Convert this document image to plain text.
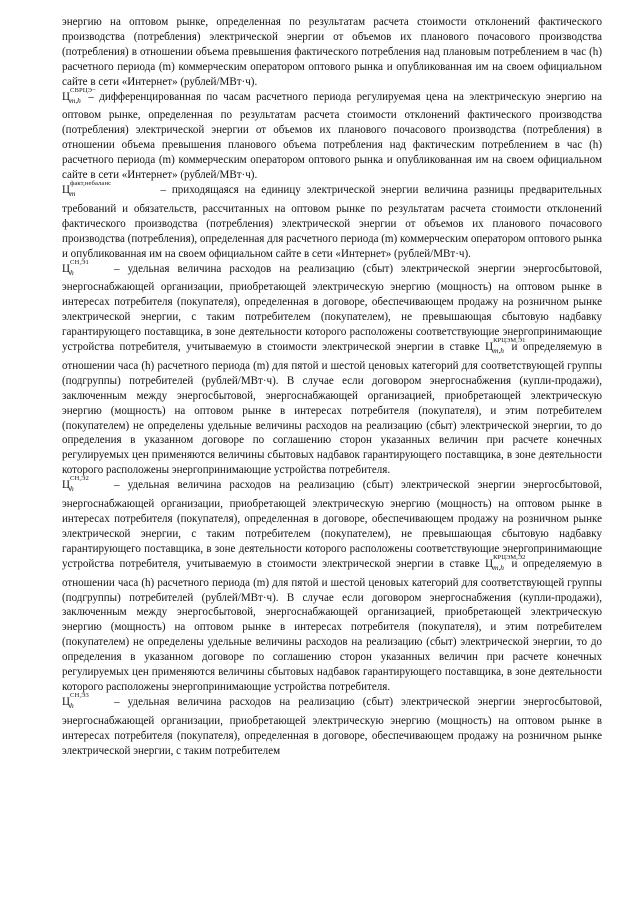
энергию на оптовом рынке, определенная по результатам расчета стоимости отклонений фактического производства (потребления) электрической энергии от объемов их планового почасового производства (потребления) в отношении объема превышения фактического потребления над плановым потреблением в час (h) расчетного периода (m) коммерческим оператором оптового рынка и опубликованная им на своем официальном сайте в сети «Интернет» (рублей/МВт·ч).

$Ц_{m,h}$
СВРЦЭ−
– дифференцированная по часам расчетного периода регулируемая цена на электрическую энергию на оптовом рынке, определенная по результатам расчета стоимости отклонений фактического производства (потребления) электрической энергии от объемов их планового почасового производства (потребления) в отношении объема превышения планового объема потребления над фактическим потреблением в час (h) расчетного периода (m) коммерческим оператором оптового рынка и опубликованная им на своем официальном сайте в сети «Интернет» (рублей/МВт·ч).

$Ц_m$
факт,небаланс
– приходящаяся на единицу электрической энергии величина разницы предварительных требований и обязательств, рассчитанных на оптовом рынке по результатам расчета стоимости отклонений фактического производства (потребления) электрической энергии от объемов их планового почасового производства (потребления), определенная для расчетного периода (m) коммерческим оператором оптового рынка и опубликованная им на своем официальном сайте в сети «Интернет» (рублей/МВт·ч).

$Ц_h$
СН,Э1
– удельная величина расходов на реализацию (сбыт) электрической энергии энергосбытовой, энергоснабжающей организации, приобретающей электрическую энергию (мощность) на оптовом рынке в интересах потребителя (покупателя), определенная в договоре, обеспечивающем продажу на розничном рынке электрической энергии, с таким потребителем (покупателем), не превышающая сбытовую надбавку гарантирующего поставщика, в зоне деятельности которого расположены соответствующие энергопринимающие устройства потребителя, учитываемую в стоимости электрической энергии в ставке $Ц_{m,h}$
КРЦЭМ,Э1
и определяемую в отношении часа (h) расчетного периода (m) для пятой и шестой ценовых категорий для соответствующей группы (подгруппы) потребителей (рублей/МВт·ч). В случае если договором энергоснабжения (купли-продажи), заключенным между энергосбытовой, энергоснабжающей организацией, приобретающей электрическую энергию (мощность) на оптовом рынке в интересах потребителя (покупателя), и этим потребителем (покупателем) не определены удельные величины расходов на реализацию (сбыт) электрической энергии, то до определения в указанном договоре по соглашению сторон указанных величин при расчете конечных регулируемых цен применяются величины сбытовых надбавок гарантирующего поставщика, в зоне деятельности которого расположены энергопринимающие устройства потребителя.

$Ц_h$
СН,Э2
– удельная величина расходов на реализацию (сбыт) электрической энергии энергосбытовой, энергоснабжающей организации, приобретающей электрическую энергию (мощность) на оптовом рынке в интересах потребителя (покупателя), определенная в договоре, обеспечивающем продажу на розничном рынке электрической энергии, с таким потребителем (покупателем), не превышающая сбытовую надбавку гарантирующего поставщика, в зоне деятельности которого расположены соответствующие энергопринимающие устройства потребителя, учитываемую в стоимости электрической энергии в ставке $Ц_{m,h}$
КРЦЭМ,Э2
и определяемую в отношении часа (h) расчетного периода (m) для пятой и шестой ценовых категорий для соответствующей группы (подгруппы) потребителей (рублей/МВт·ч). В случае если договором энергоснабжения (купли-продажи), заключенным между энергосбытовой, энергоснабжающей организацией, приобретающей электрическую энергию (мощность) на оптовом рынке в интересах потребителя (покупателя), и этим потребителем (покупателем) не определены удельные величины расходов на реализацию (сбыт) электрической энергии, то до определения в указанном договоре по соглашению сторон указанных величин при расчете конечных регулируемых цен применяются величины сбытовых надбавок гарантирующего поставщика, в зоне деятельности которого расположены энергопринимающие устройства потребителя.

$Ц_h$
СН,Э3
– удельная величина расходов на реализацию (сбыт) электрической энергии энергосбытовой, энергоснабжающей организации, приобретающей электрическую энергию (мощность) на оптовом рынке в интересах потребителя (покупателя), определенная в договоре, обеспечивающем продажу на розничном рынке электрической энергии, с таким потребителем
